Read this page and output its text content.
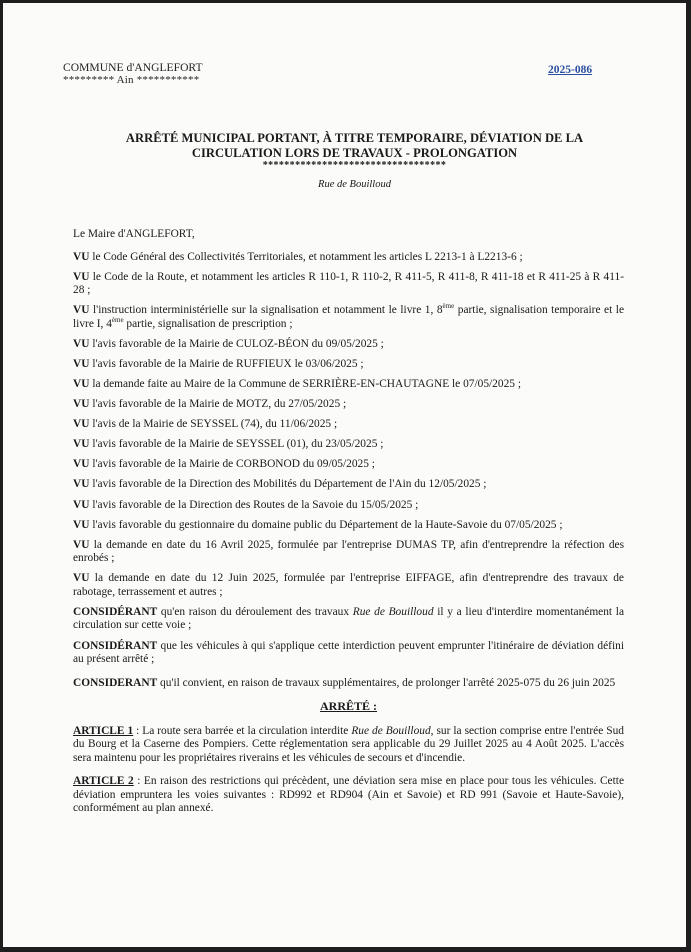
COMMUNE d'ANGLEFORT
********* Ain ***********
2025-086
ARRÊTÉ MUNICIPAL PORTANT, À TITRE TEMPORAIRE, DÉVIATION DE LA
CIRCULATION LORS DE TRAVAUX - PROLONGATION
**********************************
Rue de Bouilloud

Le Maire d'ANGLEFORT,

VU le Code Général des Collectivités Territoriales, et notamment les articles L 2213-1 à L2213-6 ;

VU le Code de la Route, et notamment les articles R 110-1, R 110-2, R 411-5, R 411-8, R 411-18 et R 411-25 à R 411-28 ;

VU l'instruction interministérielle sur la signalisation et notamment le livre 1, 8ème partie, signalisation temporaire et le livre I, 4ème partie, signalisation de prescription ;

VU l'avis favorable de la Mairie de CULOZ-BÉON du 09/05/2025 ;

VU l'avis favorable de la Mairie de RUFFIEUX le 03/06/2025 ;

VU la demande faite au Maire de la Commune de SERRIÈRE-EN-CHAUTAGNE le 07/05/2025 ;

VU l'avis favorable de la Mairie de MOTZ, du 27/05/2025 ;

VU l'avis de la Mairie de SEYSSEL (74), du 11/06/2025 ;

VU l'avis favorable de la Mairie de SEYSSEL (01), du 23/05/2025 ;

VU l'avis favorable de la Mairie de CORBONOD du 09/05/2025 ;

VU l'avis favorable de la Direction des Mobilités du Département de l'Ain du 12/05/2025 ;

VU l'avis favorable de la Direction des Routes de la Savoie du 15/05/2025 ;

VU l'avis favorable du gestionnaire du domaine public du Département de la Haute-Savoie du 07/05/2025 ;

VU la demande en date du 16 Avril 2025, formulée par l'entreprise DUMAS TP, afin d'entreprendre la réfection des enrobés ;

VU la demande en date du 12 Juin 2025, formulée par l'entreprise EIFFAGE, afin d'entreprendre des travaux de rabotage, terrassement et autres ;

CONSIDÉRANT qu'en raison du déroulement des travaux Rue de Bouilloud il y a lieu d'interdire momentanément la circulation sur cette voie ;

CONSIDÉRANT que les véhicules à qui s'applique cette interdiction peuvent emprunter l'itinéraire de déviation défini au présent arrêté ;

CONSIDERANT qu'il convient, en raison de travaux supplémentaires, de prolonger l'arrêté 2025-075 du 26 juin 2025

ARRÊTÉ :

ARTICLE 1 : La route sera barrée et la circulation interdite Rue de Bouilloud, sur la section comprise entre l'entrée Sud du Bourg et la Caserne des Pompiers. Cette réglementation sera applicable du 29 Juillet 2025 au 4 Août 2025. L'accès sera maintenu pour les propriétaires riverains et les véhicules de secours et d'incendie.

ARTICLE 2 : En raison des restrictions qui précèdent, une déviation sera mise en place pour tous les véhicules. Cette déviation empruntera les voies suivantes : RD992 et RD904 (Ain et Savoie) et RD 991 (Savoie et Haute-Savoie), conformément au plan annexé.
